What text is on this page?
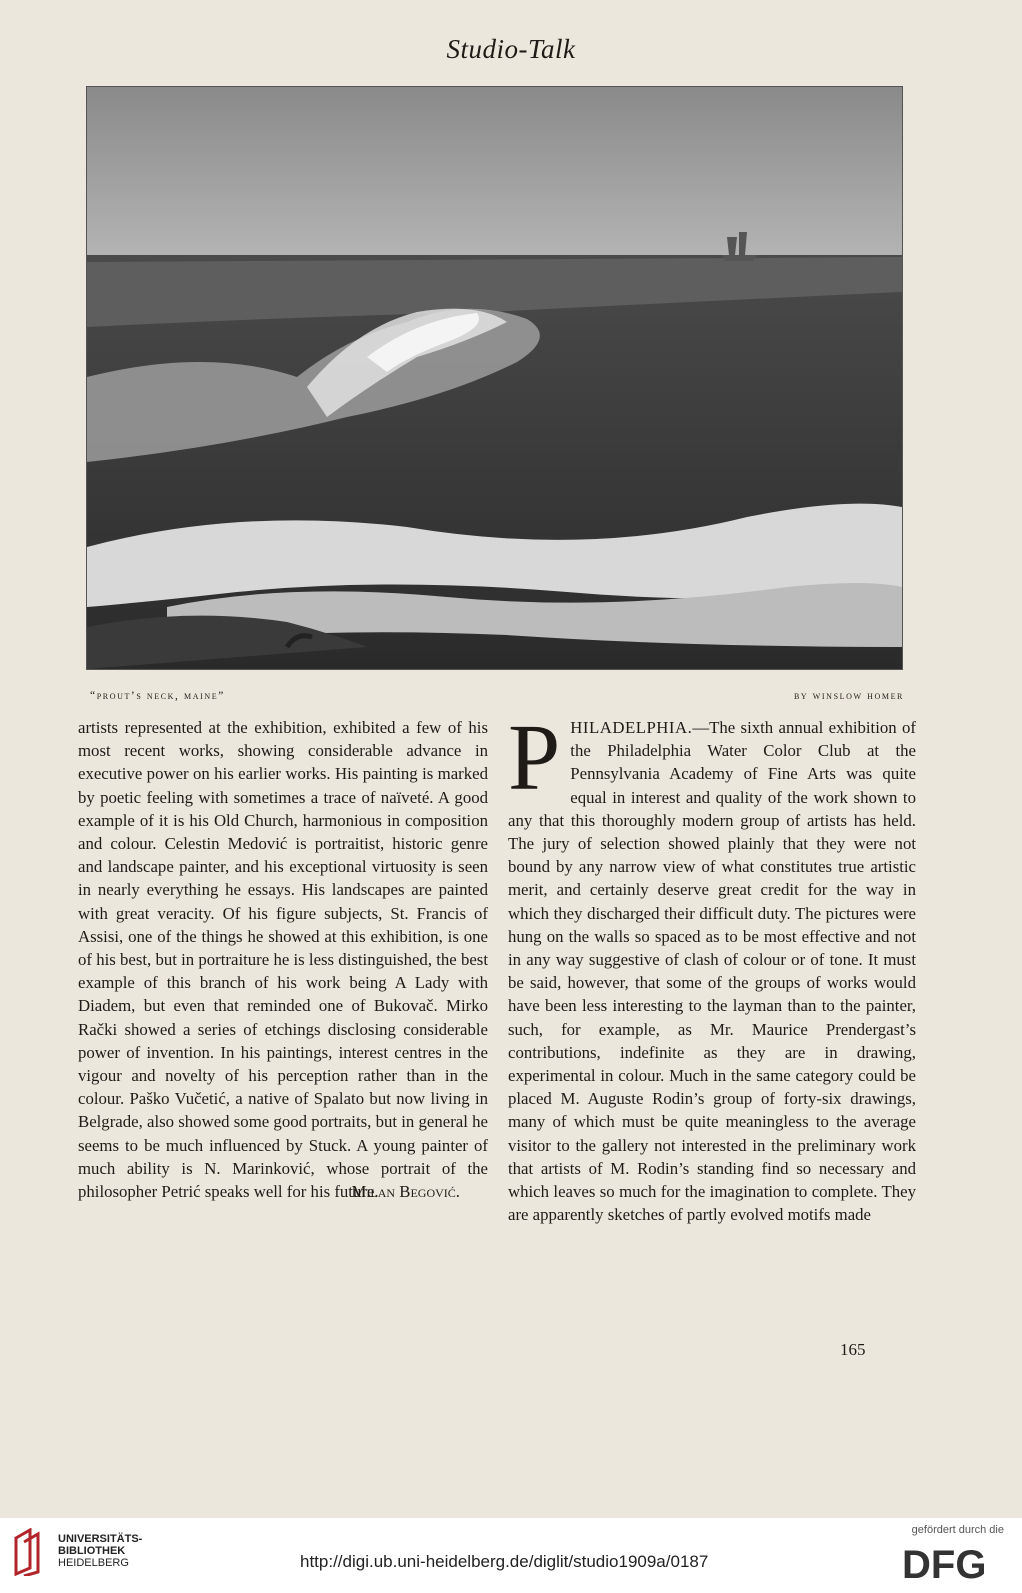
Studio-Talk
“prout’s neck, maine”	by winslow homer

artists represented at the exhibition, exhibited a few of his most recent works, showing considerable advance in executive power on his earlier works. His painting is marked by poetic feeling with sometimes a trace of naïveté. A good example of it is his Old Church, harmonious in composition and colour. Celestin Medović is portraitist, historic genre and landscape painter, and his exceptional virtuosity is seen in nearly everything he essays. His landscapes are painted with great veracity. Of his figure subjects, St. Francis of Assisi, one of the things he showed at this exhibition, is one of his best, but in portraiture he is less distinguished, the best example of this branch of his work being A Lady with Diadem, but even that reminded one of Bukovač. Mirko Rački showed a series of etchings disclosing considerable power of invention. In his paintings, interest centres in the vigour and novelty of his perception rather than in the colour. Paško Vučetić, a native of Spalato but now living in Belgrade, also showed some good portraits, but in general he seems to be much influenced by Stuck. A young painter of much ability is N. Marinković, whose portrait of the philosopher Petrić speaks well for his future.

Milan Begović.
P HILADELPHIA.—The sixth annual exhibition of the Philadelphia Water Color Club at the Pennsylvania Academy of Fine Arts was quite equal in interest and quality of the work shown to any that this thoroughly modern group of artists has held. The jury of selection showed plainly that they were not bound by any narrow view of what constitutes true artistic merit, and certainly deserve great credit for the way in which they discharged their difficult duty. The pictures were hung on the walls so spaced as to be most effective and not in any way suggestive of clash of colour or of tone. It must be said, however, that some of the groups of works would have been less interesting to the layman than to the painter, such, for example, as Mr. Maurice Prendergast’s contributions, indefinite as they are in drawing, experimental in colour. Much in the same category could be placed M. Auguste Rodin’s group of forty-six drawings, many of which must be quite meaningless to the average visitor to the gallery not interested in the preliminary work that artists of M. Rodin’s standing find so necessary and which leaves so much for the imagination to complete. They are apparently sketches of partly evolved motifs made

165
UNIVERSITÄTS-
BIBLIOTHEK
HEIDELBERG	http://digi.ub.uni-heidelberg.de/diglit/studio1909a/0187
gefördert durch die
DFG
